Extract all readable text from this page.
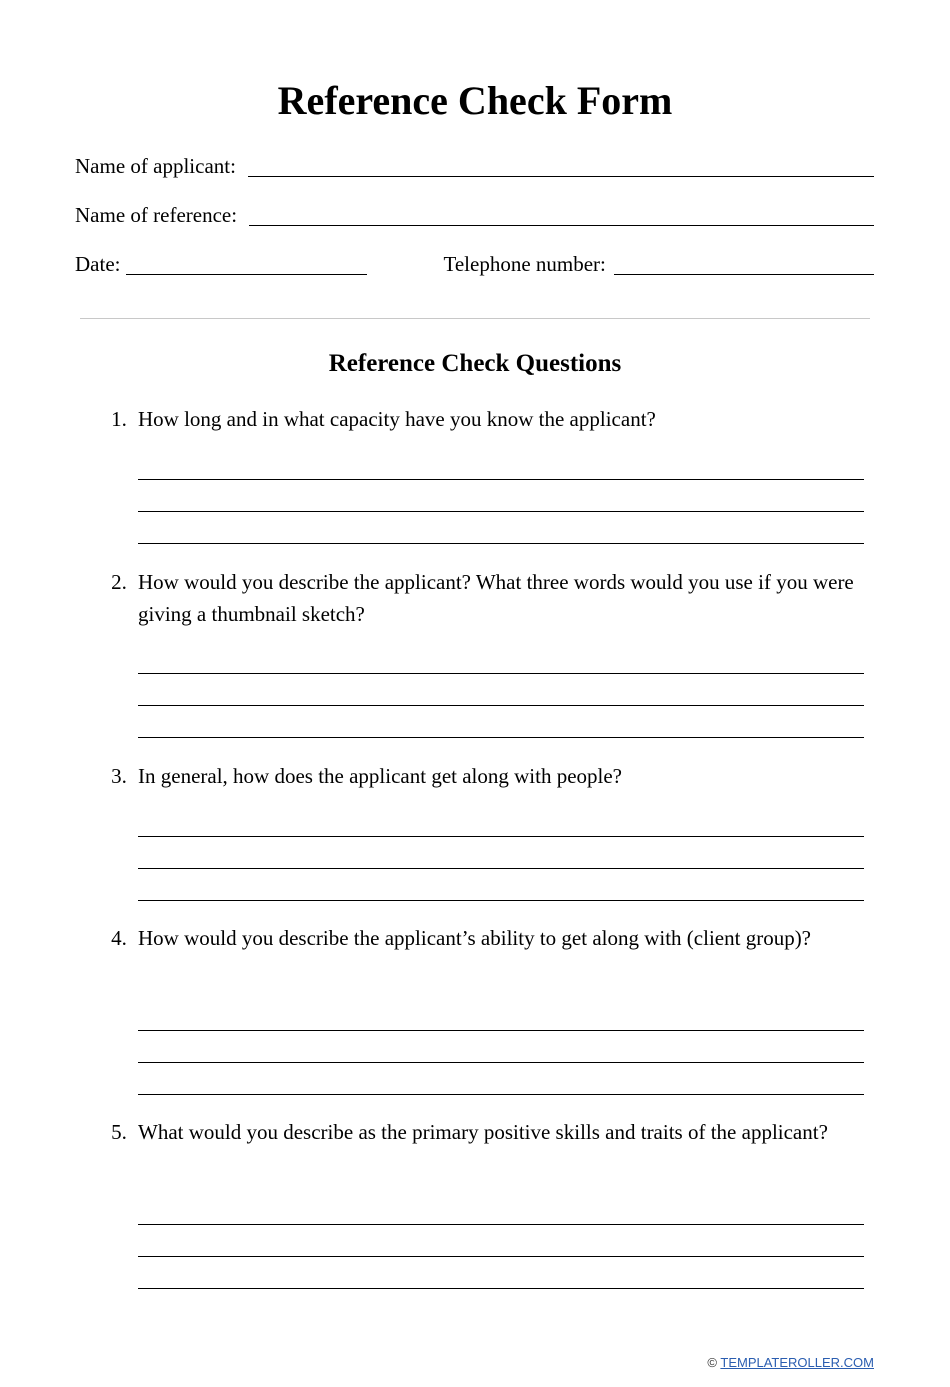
Reference Check Form
Name of applicant:
Name of reference:
Date:	Telephone number:
Reference Check Questions
1. How long and in what capacity have you know the applicant?
2. How would you describe the applicant? What three words would you use if you were giving a thumbnail sketch?
3. In general, how does the applicant get along with people?
4. How would you describe the applicant’s ability to get along with (client group)?
5. What would you describe as the primary positive skills and traits of the applicant?
© TEMPLATEROLLER.COM
